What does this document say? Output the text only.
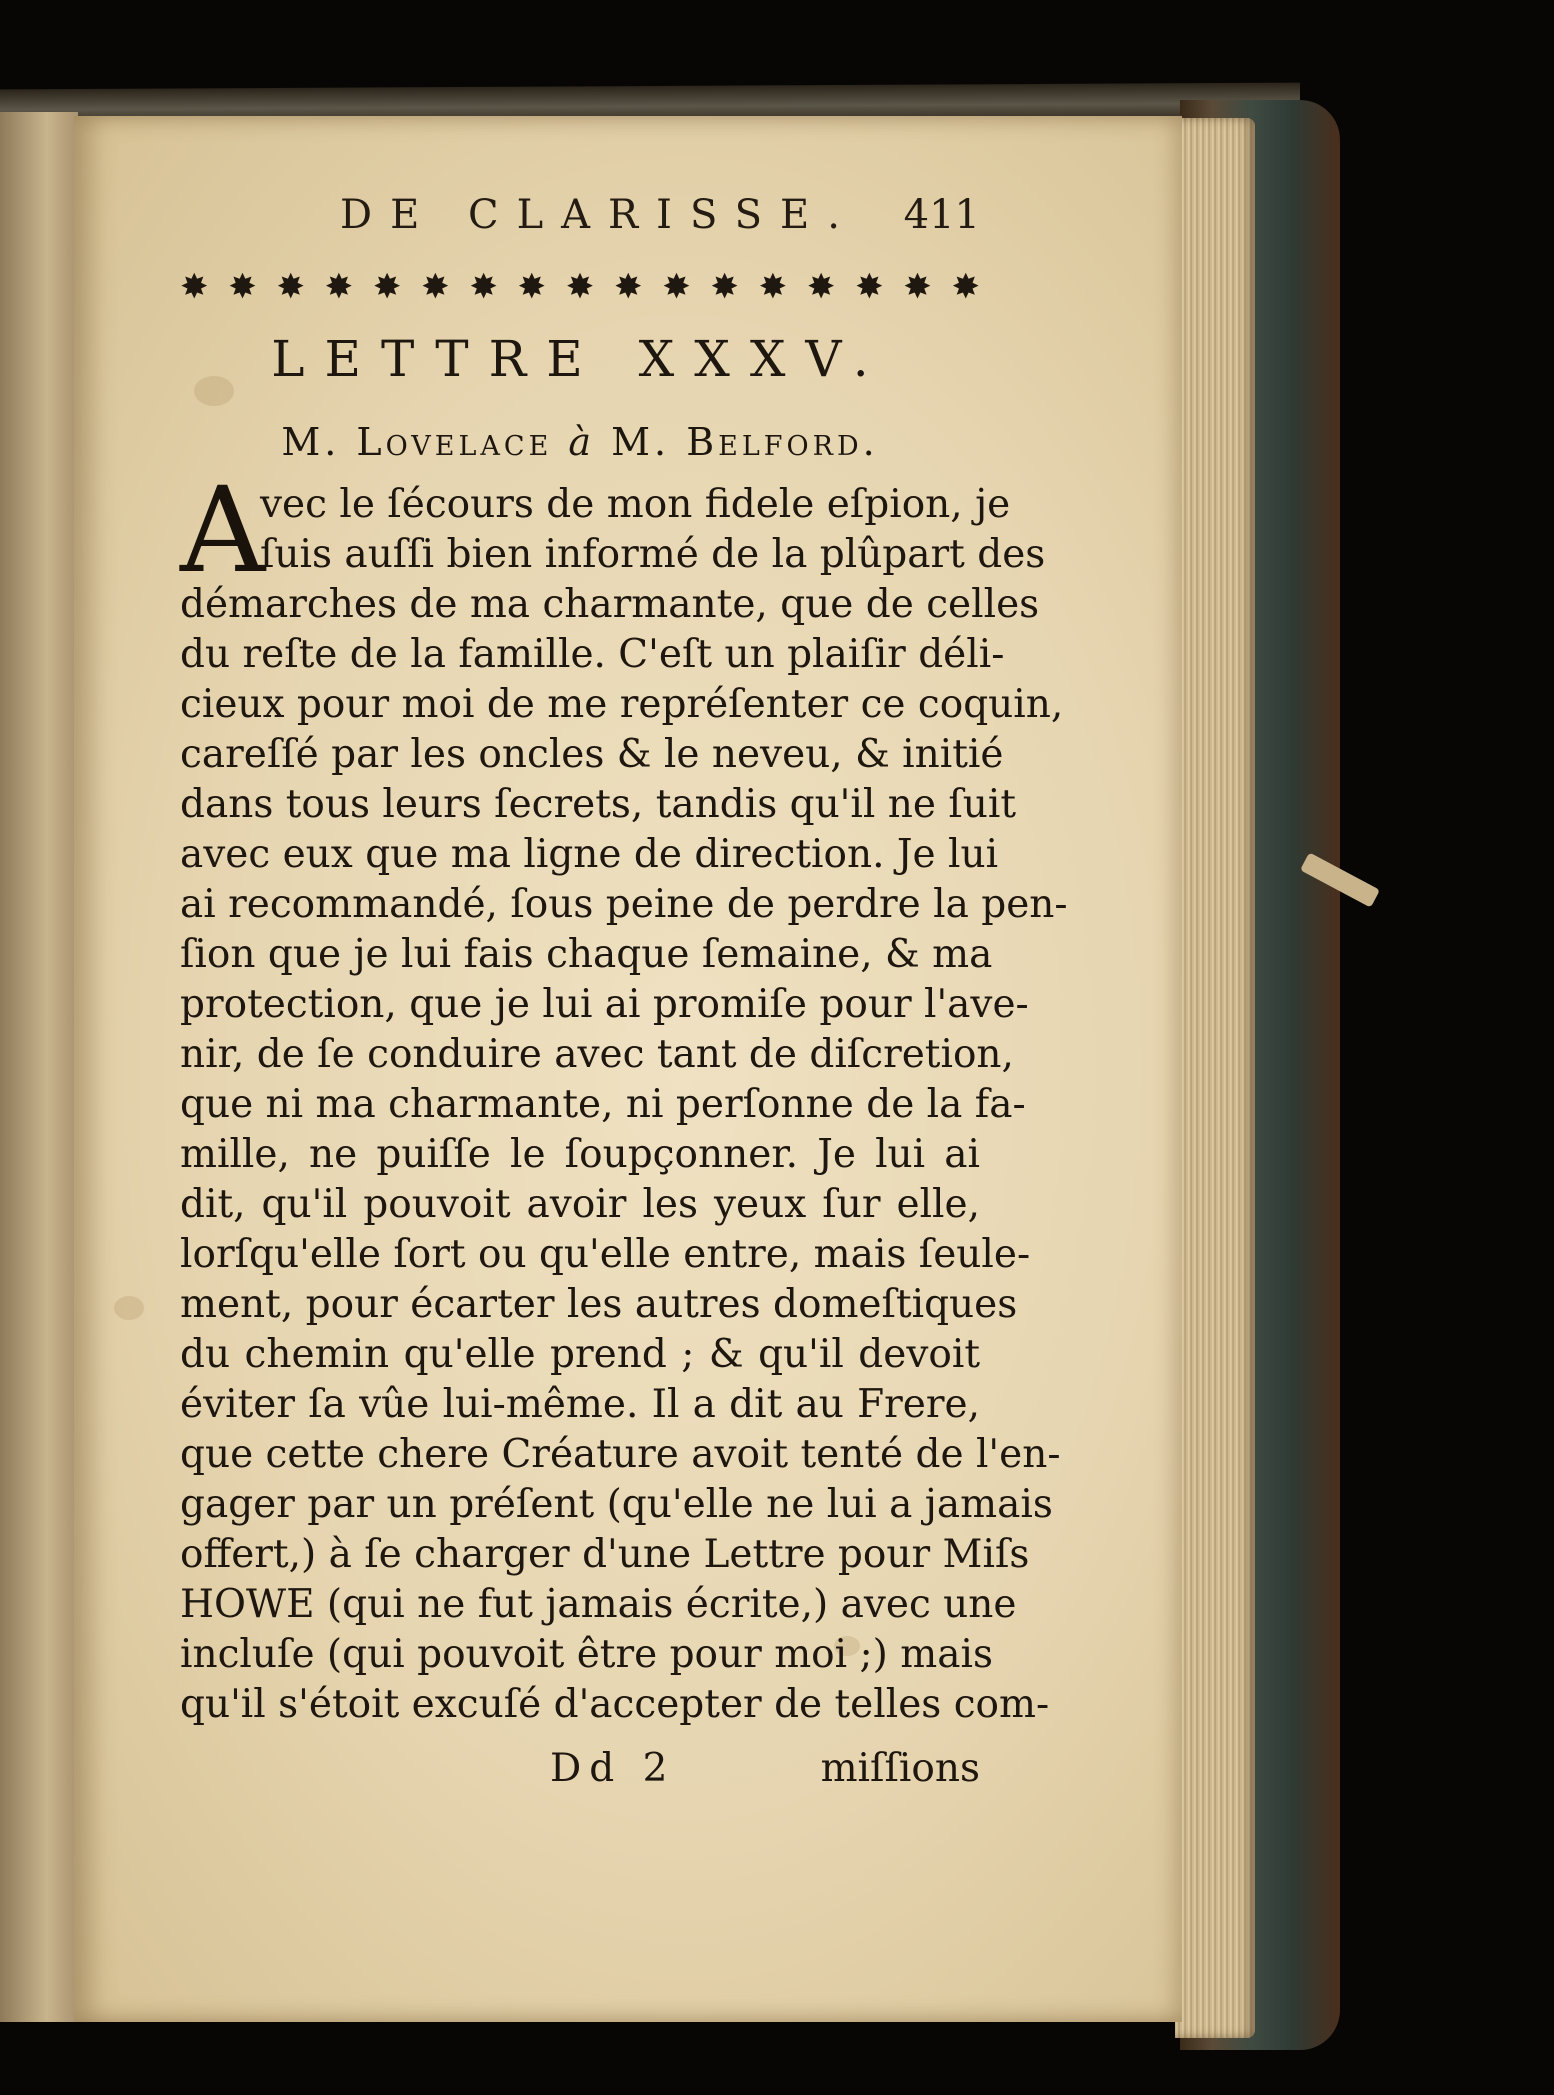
DE CLARISSE. 411
✸ ✸ ✸ ✸ ✸ ✸ ✸ ✸ ✸ ✸ ✸ ✸ ✸ ✸ ✸ ✸ ✸
LETTRE XXXV.
M. Lovelace à M. Belford.
A
vec le ſécours de mon fidele eſpion, je
ſuis auſſi bien informé de la plûpart des
démarches de ma charmante, que de celles
du reſte de la famille. C'eſt un plaiſir déli-
cieux pour moi de me repréſenter ce coquin,
careſſé par les oncles & le neveu, & initié
dans tous leurs ſecrets, tandis qu'il ne ſuit
avec eux que ma ligne de direction. Je lui
ai recommandé, ſous peine de perdre la pen-
ſion que je lui fais chaque ſemaine, & ma
protection, que je lui ai promiſe pour l'ave-
nir, de ſe conduire avec tant de diſcretion,
que ni ma charmante, ni perſonne de la fa-
mille, ne puiſſe le ſoupçonner. Je lui ai
dit, qu'il pouvoit avoir les yeux ſur elle,
lorſqu'elle ſort ou qu'elle entre, mais ſeule-
ment, pour écarter les autres domeſtiques
du chemin qu'elle prend ; & qu'il devoit
éviter ſa vûe lui-même. Il a dit au Frere,
que cette chere Créature avoit tenté de l'en-
gager par un préſent (qu'elle ne lui a jamais
offert,) à ſe charger d'une Lettre pour Miſs
HOWE (qui ne fut jamais écrite,) avec une
incluſe (qui pouvoit être pour moi ;) mais
qu'il s'étoit excuſé d'accepter de telles com-
Dd 2	miſſions
